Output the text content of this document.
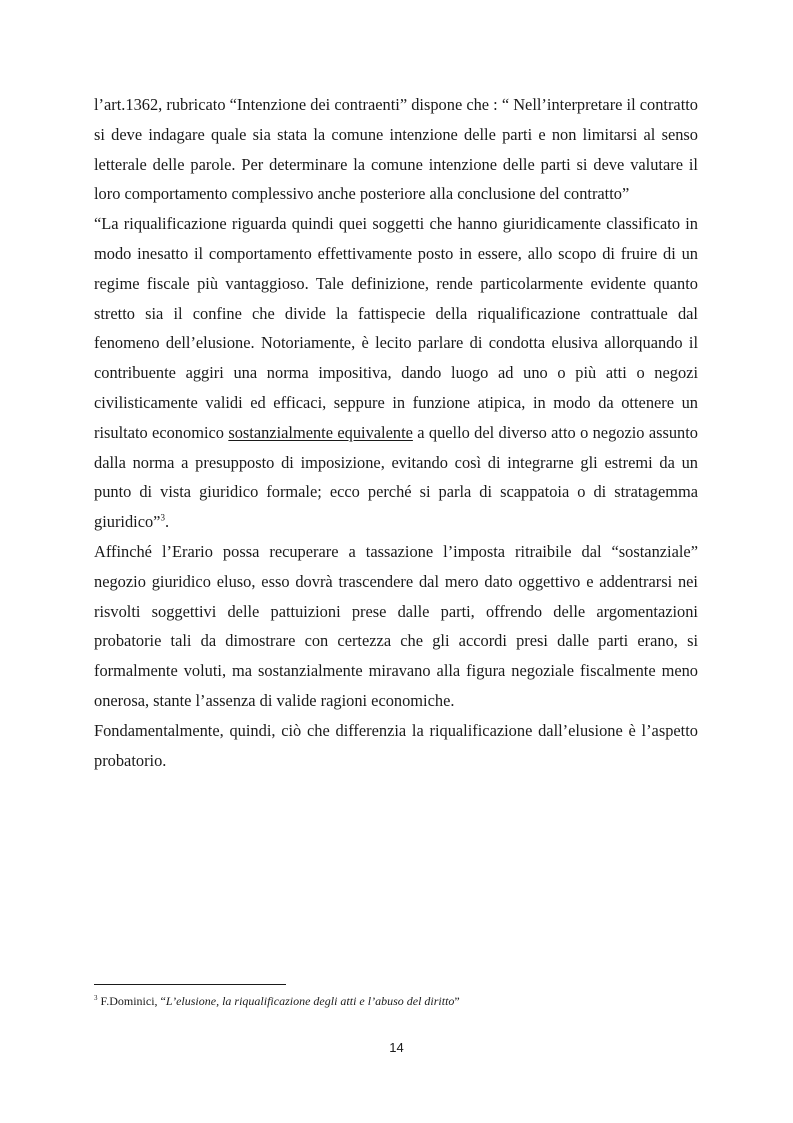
l’art.1362, rubricato “Intenzione dei contraenti” dispone che : “ Nell’interpretare il contratto si deve indagare quale sia stata la comune intenzione delle parti e non limitarsi al senso letterale delle parole. Per determinare la comune intenzione delle parti si deve valutare il loro comportamento complessivo anche posteriore alla conclusione del contratto”

“La riqualificazione riguarda quindi quei soggetti che hanno giuridicamente classificato in modo inesatto il comportamento effettivamente posto in essere, allo scopo di fruire di un regime fiscale più vantaggioso. Tale definizione, rende particolarmente evidente quanto stretto sia il confine che divide la fattispecie della riqualificazione contrattuale dal fenomeno dell’elusione. Notoriamente, è lecito parlare di condotta elusiva allorquando il contribuente aggiri una norma impositiva, dando luogo ad uno o più atti o negozi civilisticamente validi ed efficaci, seppure in funzione atipica, in modo da ottenere un risultato economico sostanzialmente equivalente a quello del diverso atto o negozio assunto dalla norma a presupposto di imposizione, evitando così di integrarne gli estremi da un punto di vista giuridico formale; ecco perché si parla di scappatoia o di stratagemma giuridico”$^3$.

Affinché l’Erario possa recuperare a tassazione l’imposta ritraibile dal “sostanziale” negozio giuridico eluso, esso dovrà trascendere dal mero dato oggettivo e addentrarsi nei risvolti soggettivi delle pattuizioni prese dalle parti, offrendo delle argomentazioni probatorie tali da dimostrare con certezza che gli accordi presi dalle parti erano, si formalmente voluti, ma sostanzialmente miravano alla figura negoziale fiscalmente meno onerosa, stante l’assenza di valide ragioni economiche.

Fondamentalmente, quindi, ciò che differenzia la riqualificazione dall’elusione è l’aspetto probatorio.

$^3$ F.Dominici, “L’elusione, la riqualificazione degli atti e l’abuso del diritto”
14
